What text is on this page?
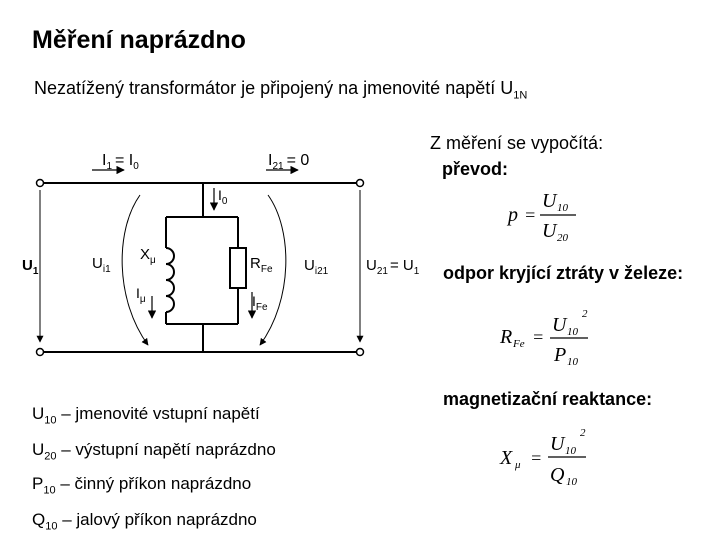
Měření naprázdno
Nezatížený transformátor je připojený na jmenovité napětí $U_{1N}$
Z měření se vypočítá:
převod:
odpor kryjící ztráty v železe:
magnetizační reaktance:
p =
U 10
U 20
R Fe =
U 10
2
P 10
X μ =
U 10
2
Q 10
$U_{10}$ – jmenovité vstupní napětí
$U_{20}$ – výstupní napětí naprázdno
$P_{10}$ – činný příkon naprázdno
$Q_{10}$ – jalový příkon naprázdno
$I_1 = I_0$	$I_{21} = 0$
$I_0$
$U_1$	$U_{i1}$
$X_\mu$	$R_{Fe}$
$I_\mu$	$I_{Fe}$
$U_{i21}$	$U_{21} = U_1$
